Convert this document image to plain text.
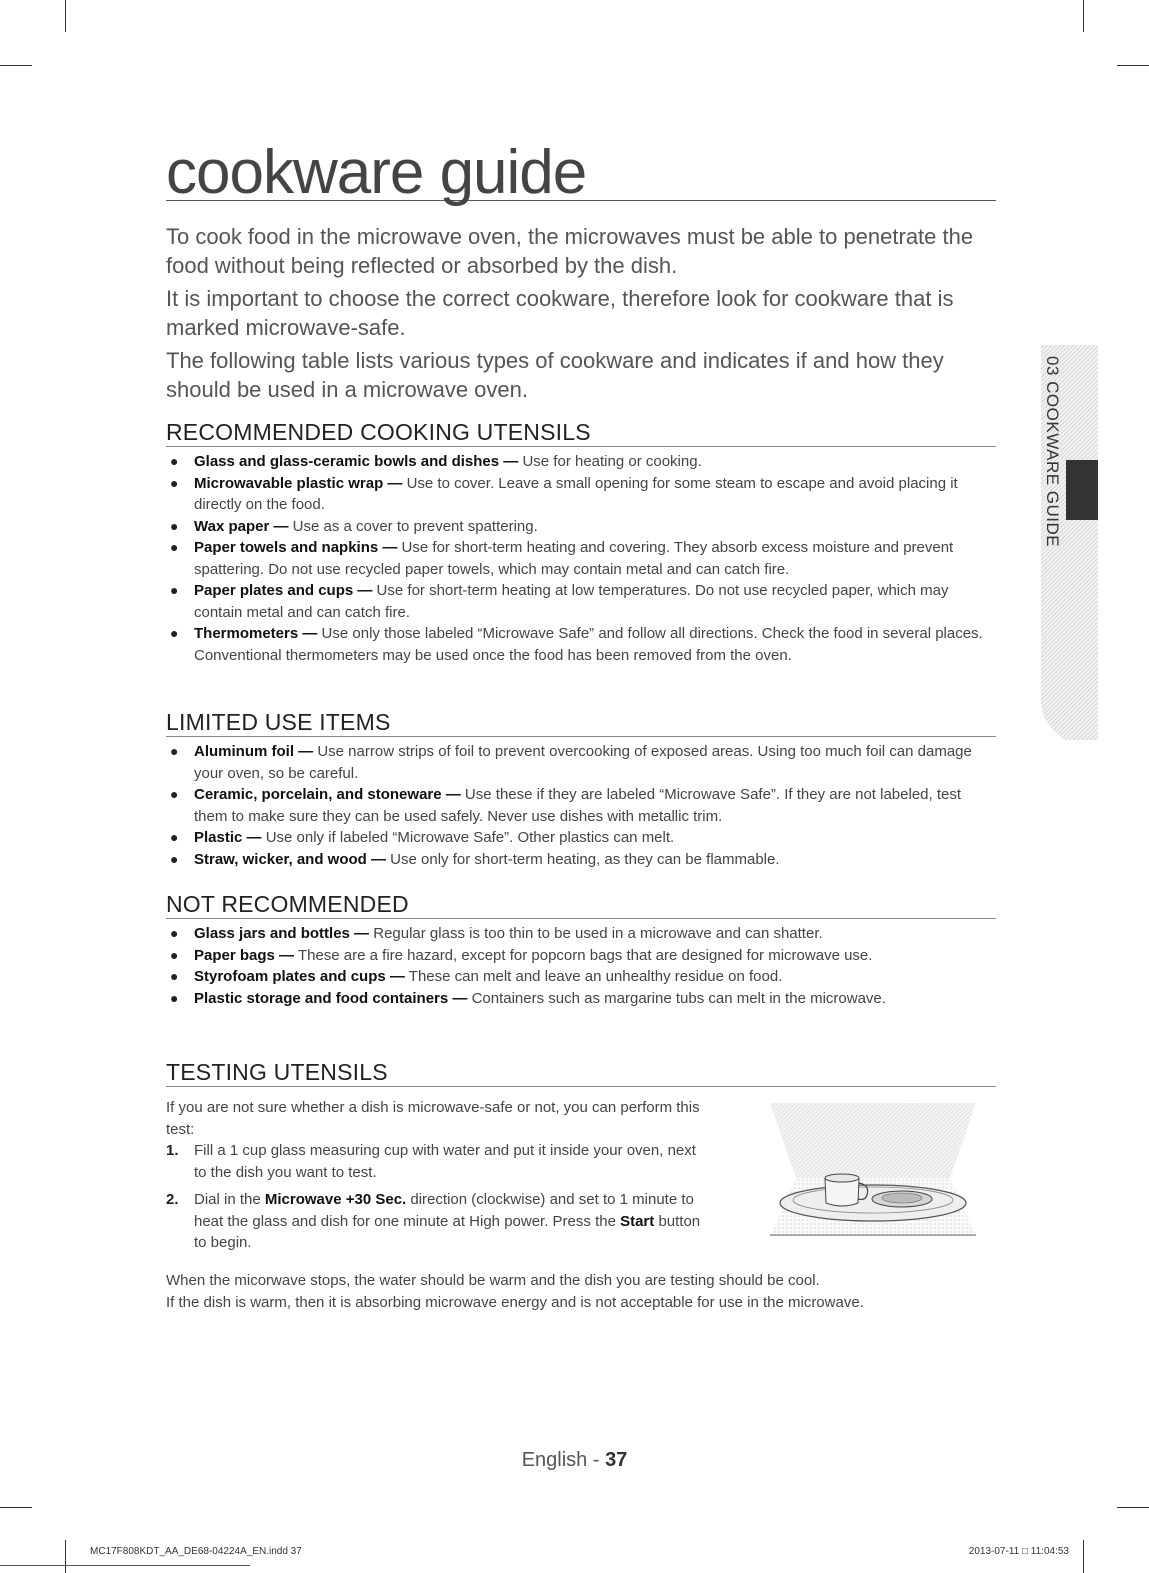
cookware guide

To cook food in the microwave oven, the microwaves must be able to penetrate the food without being reflected or absorbed by the dish.

It is important to choose the correct cookware, therefore look for cookware that is marked microwave-safe.

The following table lists various types of cookware and indicates if and how they should be used in a microwave oven.	03 COOKWARE GUIDE
RECOMMENDED COOKING UTENSILS
● Glass and glass-ceramic bowls and dishes — Use for heating or cooking.
● Microwavable plastic wrap — Use to cover. Leave a small opening for some steam to escape and avoid placing it directly on the food.
● Wax paper — Use as a cover to prevent spattering.
● Paper towels and napkins — Use for short-term heating and covering. They absorb excess moisture and prevent spattering. Do not use recycled paper towels, which may contain metal and can catch fire.
● Paper plates and cups — Use for short-term heating at low temperatures. Do not use recycled paper, which may contain metal and can catch fire.
● Thermometers — Use only those labeled “Microwave Safe” and follow all directions. Check the food in several places. Conventional thermometers may be used once the food has been removed from the oven.
LIMITED USE ITEMS
● Aluminum foil — Use narrow strips of foil to prevent overcooking of exposed areas. Using too much foil can damage your oven, so be careful.
● Ceramic, porcelain, and stoneware — Use these if they are labeled “Microwave Safe”. If they are not labeled, test them to make sure they can be used safely. Never use dishes with metallic trim.
● Plastic — Use only if labeled “Microwave Safe”. Other plastics can melt.
● Straw, wicker, and wood — Use only for short-term heating, as they can be flammable.
NOT RECOMMENDED
● Glass jars and bottles — Regular glass is too thin to be used in a microwave and can shatter.
● Paper bags — These are a fire hazard, except for popcorn bags that are designed for microwave use.
● Styrofoam plates and cups — These can melt and leave an unhealthy residue on food.
● Plastic storage and food containers — Containers such as margarine tubs can melt in the microwave.
TESTING UTENSILS

If you are not sure whether a dish is microwave-safe or not, you can perform this test:

1. Fill a 1 cup glass measuring cup with water and put it inside your oven, next to the dish you want to test.

2. Dial in the Microwave +30 Sec. direction (clockwise) and set to 1 minute to heat the glass and dish for one minute at High power. Press the Start button to begin.

When the micorwave stops, the water should be warm and the dish you are testing should be cool.

If the dish is warm, then it is absorbing microwave energy and is not acceptable for use in the microwave.

English - 37
MC17F808KDT_AA_DE68-04224A_EN.indd 37	2013-07-11 □ 11:04:53
